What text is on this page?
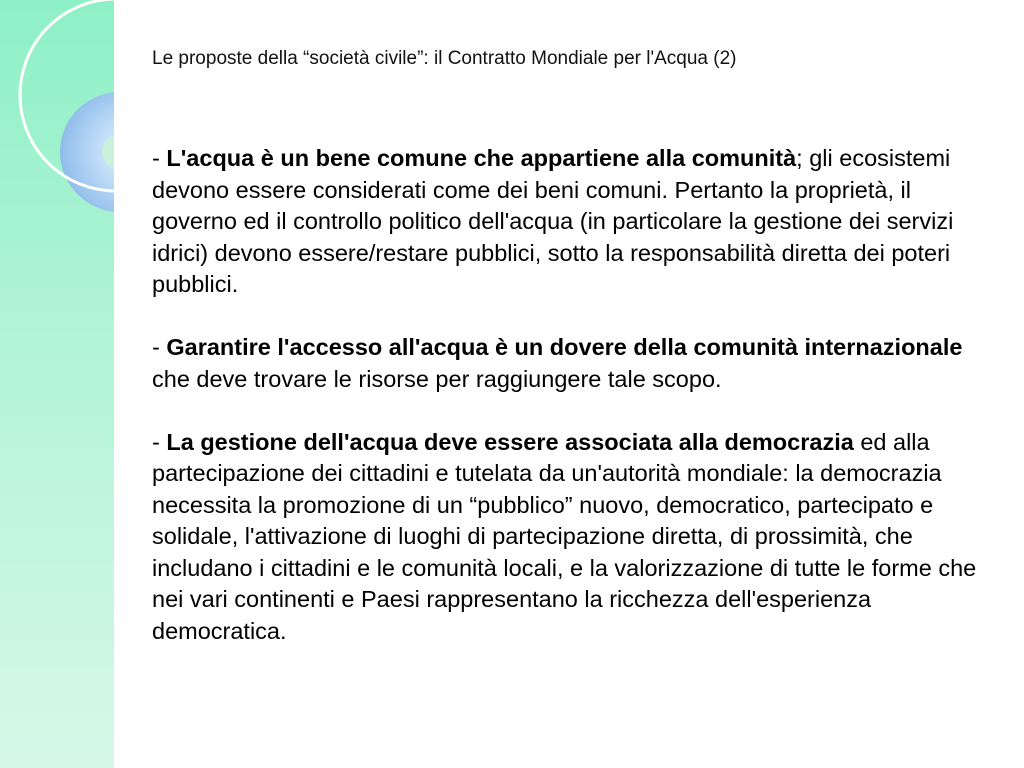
Le proposte della “società civile”: il Contratto Mondiale per l'Acqua (2)

- L'acqua è un bene comune che appartiene alla comunità; gli ecosistemi devono essere considerati come dei beni comuni. Pertanto la proprietà, il governo ed il controllo politico dell'acqua (in particolare la gestione dei servizi idrici) devono essere/restare pubblici, sotto la responsabilità diretta dei poteri pubblici.

- Garantire l'accesso all'acqua è un dovere della comunità internazionale che deve trovare le risorse per raggiungere tale scopo.

- La gestione dell'acqua deve essere associata alla democrazia ed alla partecipazione dei cittadini e tutelata da un'autorità mondiale: la democrazia necessita la promozione di un “pubblico” nuovo, democratico, partecipato e solidale, l'attivazione di luoghi di partecipazione diretta, di prossimità, che includano i cittadini e le comunità locali, e la valorizzazione di tutte le forme che nei vari continenti e Paesi rappresentano la ricchezza dell'esperienza democratica.
